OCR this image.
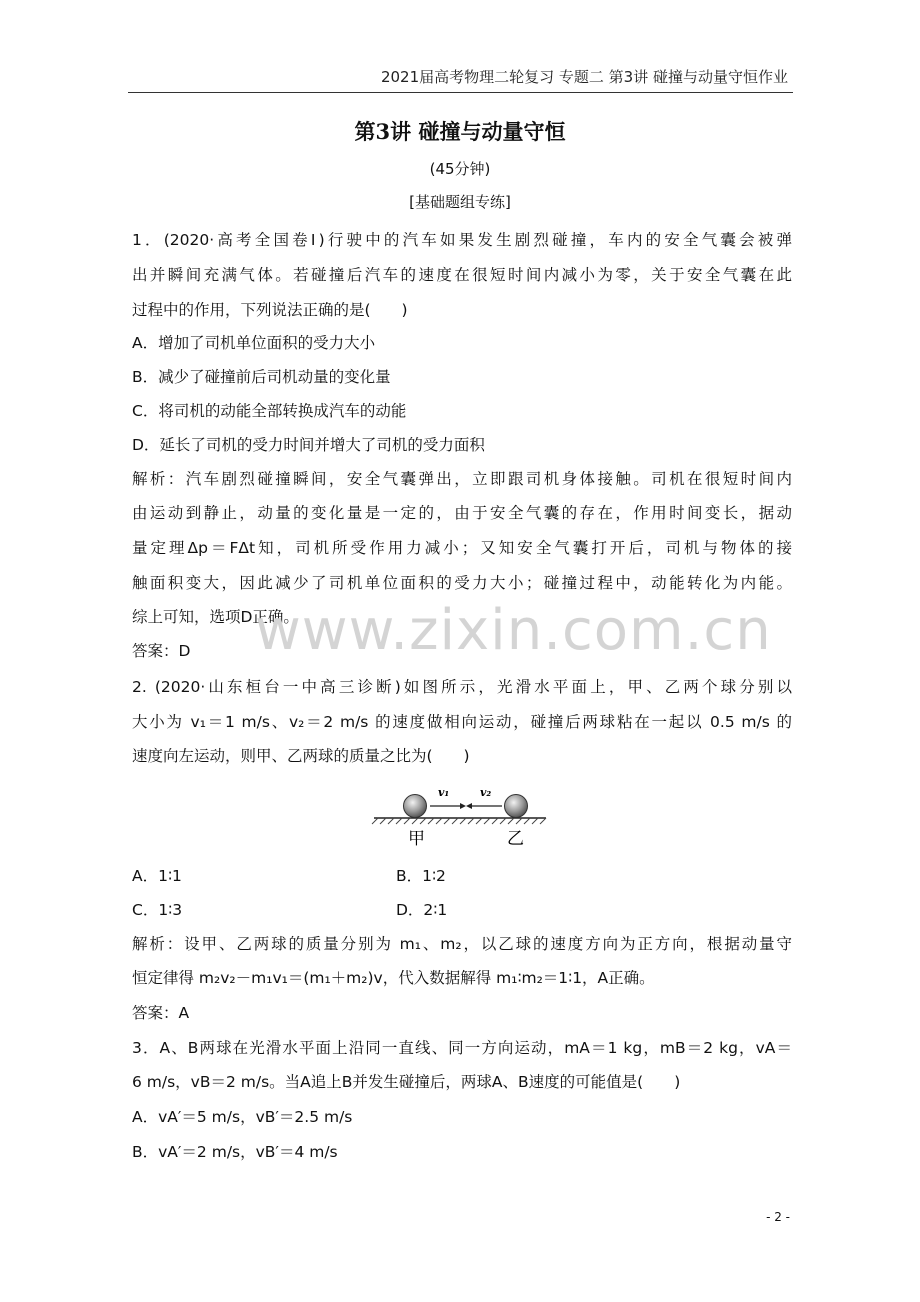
2021届高考物理二轮复习 专题二 第3讲 碰撞与动量守恒作业
第3讲 碰撞与动量守恒
(45分钟)
[基础题组专练]
1．(2020·高考全国卷Ⅰ)行驶中的汽车如果发生剧烈碰撞，车内的安全气囊会被弹
出并瞬间充满气体。若碰撞后汽车的速度在很短时间内减小为零，关于安全气囊在此
过程中的作用，下列说法正确的是(　　)
A．增加了司机单位面积的受力大小
B．减少了碰撞前后司机动量的变化量
C．将司机的动能全部转换成汽车的动能
D．延长了司机的受力时间并增大了司机的受力面积
解析：汽车剧烈碰撞瞬间，安全气囊弹出，立即跟司机身体接触。司机在很短时间内
由运动到静止，动量的变化量是一定的，由于安全气囊的存在，作用时间变长，据动
量定理Δp＝FΔt知，司机所受作用力减小；又知安全气囊打开后，司机与物体的接
触面积变大，因此减少了司机单位面积的受力大小；碰撞过程中，动能转化为内能。
综上可知，选项D正确。
答案：D	www.zixin.com.cn
2. (2020·山东桓台一中高三诊断)如图所示，光滑水平面上，甲、乙两个球分别以
大小为 v₁＝1 m/s、v₂＝2 m/s 的速度做相向运动，碰撞后两球粘在一起以 0.5 m/s 的
速度向左运动，则甲、乙两球的质量之比为(　　)
v₁	v₂
甲	乙
A．1∶1	B．1∶2
C．1∶3	D．2∶1
解析：设甲、乙两球的质量分别为 m₁、m₂，以乙球的速度方向为正方向，根据动量守
恒定律得 m₂v₂－m₁v₁＝(m₁＋m₂)v，代入数据解得 m₁∶m₂＝1∶1，A正确。
答案：A
3．A、B两球在光滑水平面上沿同一直线、同一方向运动，mA＝1 kg，mB＝2 kg，vA＝
6 m/s，vB＝2 m/s。当A追上B并发生碰撞后，两球A、B速度的可能值是(　　)
A．vA′＝5 m/s，vB′＝2.5 m/s
B．vA′＝2 m/s，vB′＝4 m/s
- 2 -
